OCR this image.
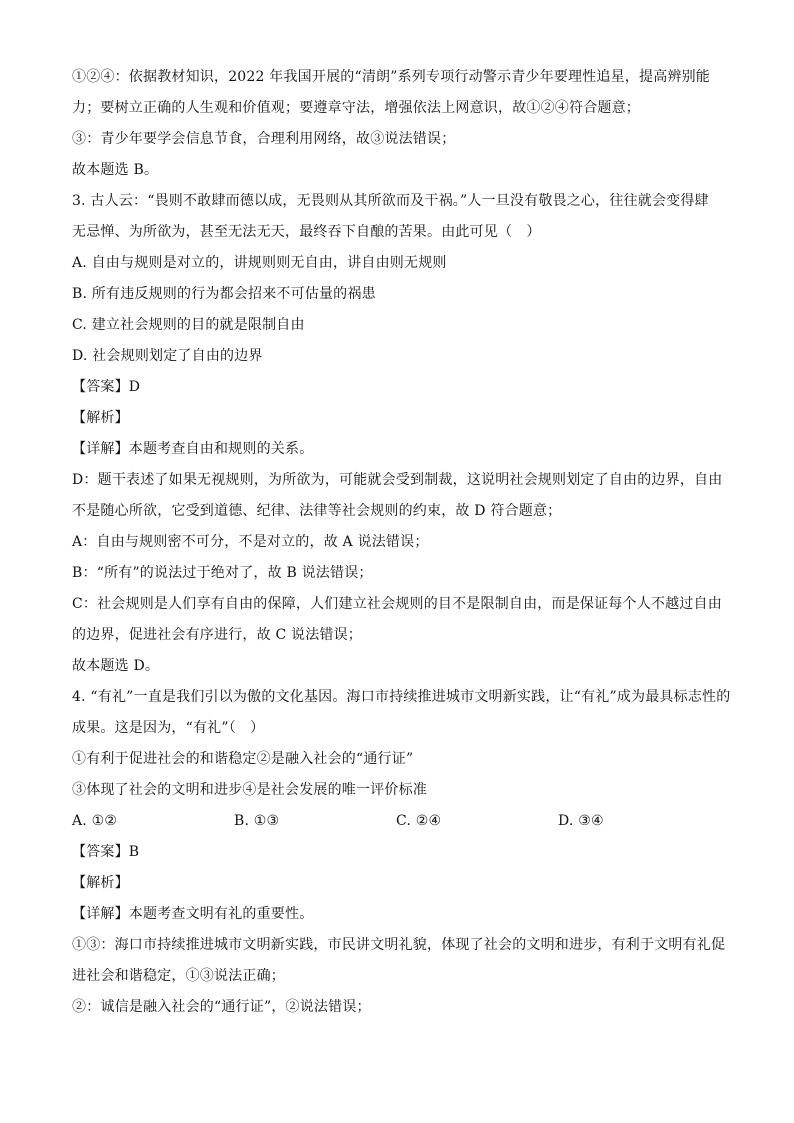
①②④：依据教材知识，2022 年我国开展的“清朗”系列专项行动警示青少年要理性追星，提高辨别能
力；要树立正确的人生观和价值观；要遵章守法，增强依法上网意识，故①②④符合题意；
③：青少年要学会信息节食，合理利用网络，故③说法错误；
故本题选 B。
3. 古人云：“畏则不敢肆而德以成，无畏则从其所欲而及干祸。”人一旦没有敬畏之心，往往就会变得肆
无忌惮、为所欲为，甚至无法无天，最终吞下自酿的苦果。由此可见（　）
A. 自由与规则是对立的，讲规则则无自由，讲自由则无规则
B. 所有违反规则的行为都会招来不可估量的祸患
C. 建立社会规则的目的就是限制自由
D. 社会规则划定了自由的边界
【答案】D
【解析】
【详解】本题考查自由和规则的关系。
D：题干表述了如果无视规则，为所欲为，可能就会受到制裁，这说明社会规则划定了自由的边界，自由
不是随心所欲，它受到道德、纪律、法律等社会规则的约束，故 D 符合题意；
A：自由与规则密不可分，不是对立的，故 A 说法错误；
B：“所有”的说法过于绝对了，故 B 说法错误；
C：社会规则是人们享有自由的保障，人们建立社会规则的目不是限制自由，而是保证每个人不越过自由
的边界，促进社会有序进行，故 C 说法错误；
故本题选 D。
4. “有礼”一直是我们引以为傲的文化基因。海口市持续推进城市文明新实践，让“有礼”成为最具标志性的
成果。这是因为，“有礼”（　）
①有利于促进社会的和谐稳定②是融入社会的“通行证”
③体现了社会的文明和进步④是社会发展的唯一评价标准
A. ①②	B. ①③	C. ②④	D. ③④
【答案】B
【解析】
【详解】本题考查文明有礼的重要性。
①③：海口市持续推进城市文明新实践，市民讲文明礼貌，体现了社会的文明和进步，有利于文明有礼促
进社会和谐稳定，①③说法正确；
②：诚信是融入社会的“通行证”，②说法错误；
